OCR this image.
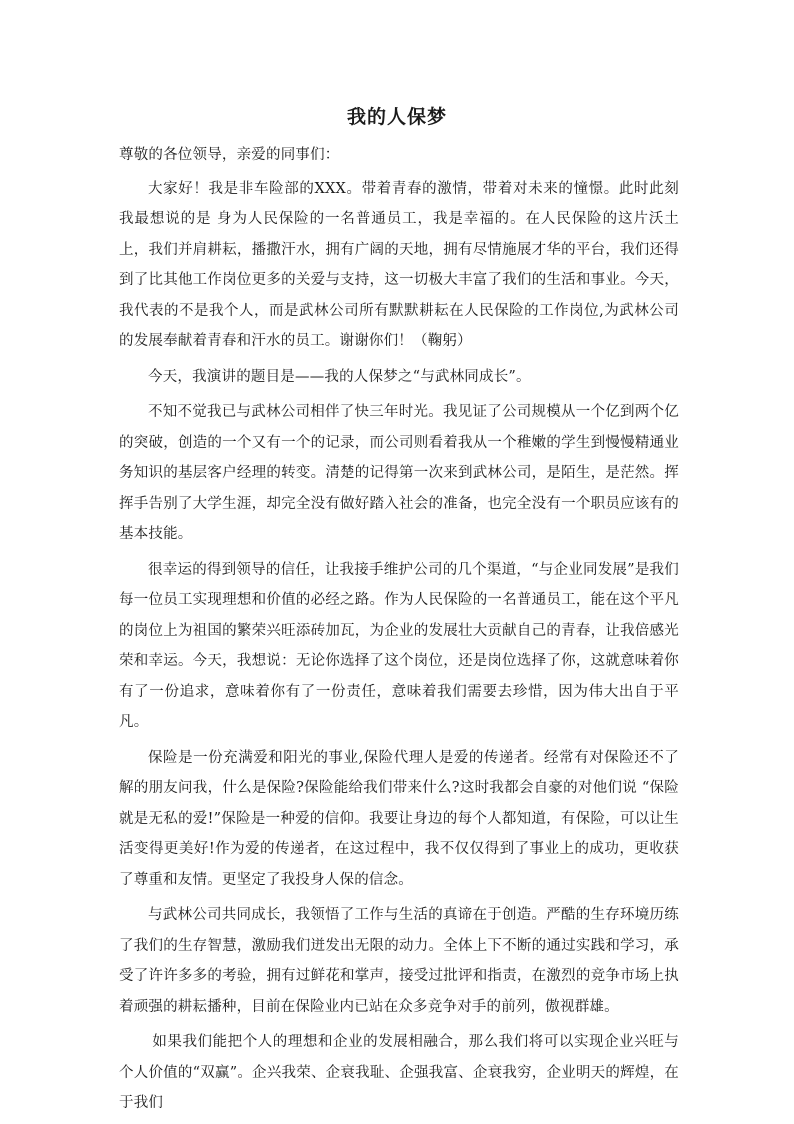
我的人保梦

尊敬的各位领导，亲爱的同事们：

大家好！我是非车险部的XXX。带着青春的激情，带着对未来的憧憬。此时此刻我最想说的是 身为人民保险的一名普通员工，我是幸福的。在人民保险的这片沃土上，我们并肩耕耘，播撒汗水，拥有广阔的天地，拥有尽情施展才华的平台，我们还得到了比其他工作岗位更多的关爱与支持，这一切极大丰富了我们的生活和事业。今天，我代表的不是我个人，而是武林公司所有默默耕耘在人民保险的工作岗位,为武林公司的发展奉献着青春和汗水的员工。谢谢你们！（鞠躬）

今天，我演讲的题目是——我的人保梦之“与武林同成长”。

不知不觉我已与武林公司相伴了快三年时光。我见证了公司规模从一个亿到两个亿的突破，创造的一个又有一个的记录，而公司则看着我从一个稚嫩的学生到慢慢精通业务知识的基层客户经理的转变。清楚的记得第一次来到武林公司，是陌生，是茫然。挥挥手告别了大学生涯，却完全没有做好踏入社会的准备，也完全没有一个职员应该有的基本技能。

很幸运的得到领导的信任，让我接手维护公司的几个渠道，“与企业同发展”是我们每一位员工实现理想和价值的必经之路。作为人民保险的一名普通员工，能在这个平凡的岗位上为祖国的繁荣兴旺添砖加瓦，为企业的发展壮大贡献自己的青春，让我倍感光荣和幸运。今天，我想说：无论你选择了这个岗位，还是岗位选择了你，这就意味着你有了一份追求，意味着你有了一份责任，意味着我们需要去珍惜，因为伟大出自于平凡。

保险是一份充满爱和阳光的事业,保险代理人是爱的传递者。经常有对保险还不了解的朋友问我，什么是保险?保险能给我们带来什么?这时我都会自豪的对他们说 “保险就是无私的爱!”保险是一种爱的信仰。我要让身边的每个人都知道，有保险，可以让生活变得更美好!作为爱的传递者，在这过程中，我不仅仅得到了事业上的成功，更收获了尊重和友情。更坚定了我投身人保的信念。

与武林公司共同成长，我领悟了工作与生活的真谛在于创造。严酷的生存环境历练了我们的生存智慧，激励我们迸发出无限的动力。全体上下不断的通过实践和学习，承受了许许多多的考验，拥有过鲜花和掌声，接受过批评和指责，在激烈的竞争市场上执着顽强的耕耘播种，目前在保险业内已站在众多竞争对手的前列，傲视群雄。

如果我们能把个人的理想和企业的发展相融合，那么我们将可以实现企业兴旺与个人价值的“双赢”。企兴我荣、企衰我耻、企强我富、企衰我穷，企业明天的辉煌，在于我们
